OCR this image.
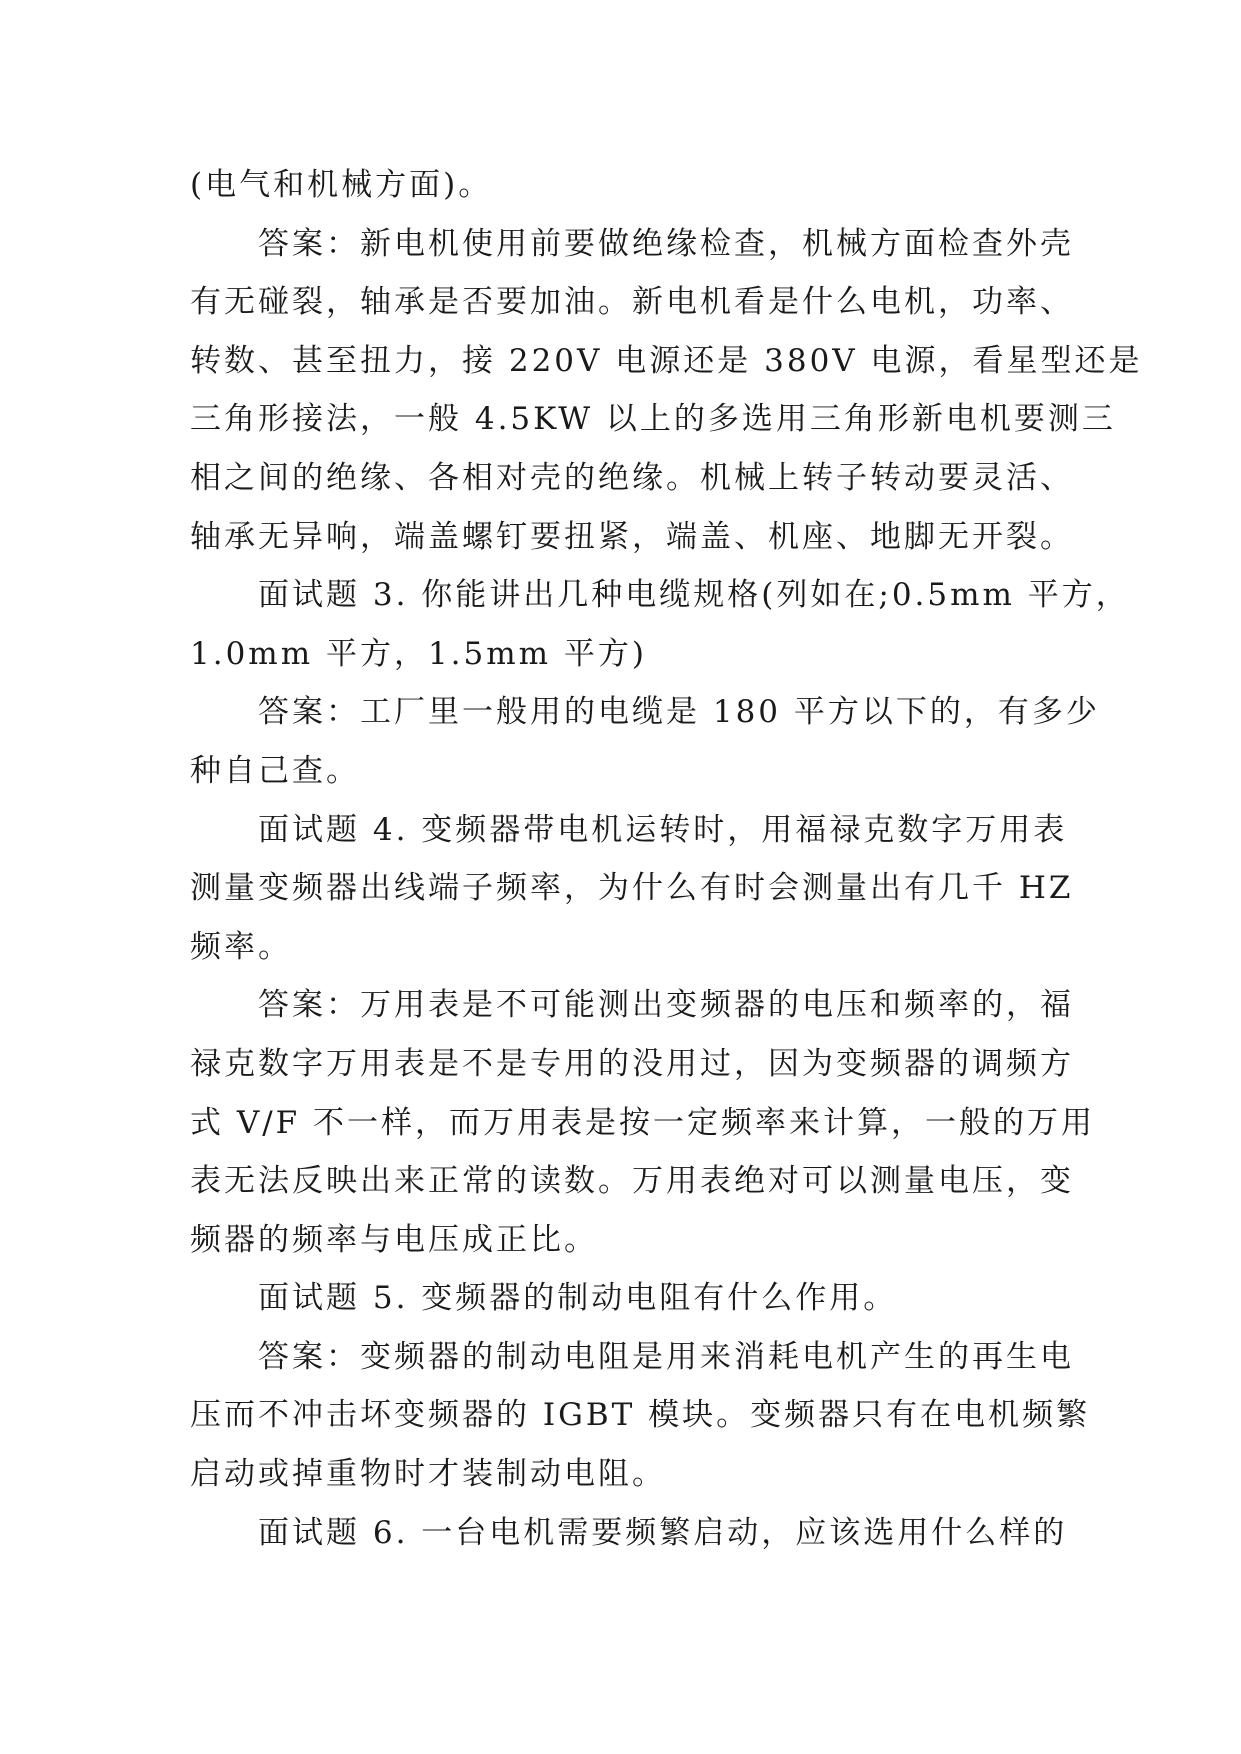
(电气和机械方面)。
答案：新电机使用前要做绝缘检查，机械方面检查外壳
有无碰裂，轴承是否要加油。新电机看是什么电机，功率、
转数、甚至扭力，接 220V 电源还是 380V 电源，看星型还是
三角形接法，一般 4.5KW 以上的多选用三角形新电机要测三
相之间的绝缘、各相对壳的绝缘。机械上转子转动要灵活、
轴承无异响，端盖螺钉要扭紧，端盖、机座、地脚无开裂。
面试题 3. 你能讲出几种电缆规格(列如在;0.5mm 平方，
1.0mm 平方，1.5mm 平方)
答案：工厂里一般用的电缆是 180 平方以下的，有多少
种自己查。
面试题 4. 变频器带电机运转时，用福禄克数字万用表
测量变频器出线端子频率，为什么有时会测量出有几千 HZ
频率。
答案：万用表是不可能测出变频器的电压和频率的，福
禄克数字万用表是不是专用的没用过，因为变频器的调频方
式 V/F 不一样，而万用表是按一定频率来计算，一般的万用
表无法反映出来正常的读数。万用表绝对可以测量电压，变
频器的频率与电压成正比。
面试题 5. 变频器的制动电阻有什么作用。
答案：变频器的制动电阻是用来消耗电机产生的再生电
压而不冲击坏变频器的 IGBT 模块。变频器只有在电机频繁
启动或掉重物时才装制动电阻。
面试题 6. 一台电机需要频繁启动，应该选用什么样的
